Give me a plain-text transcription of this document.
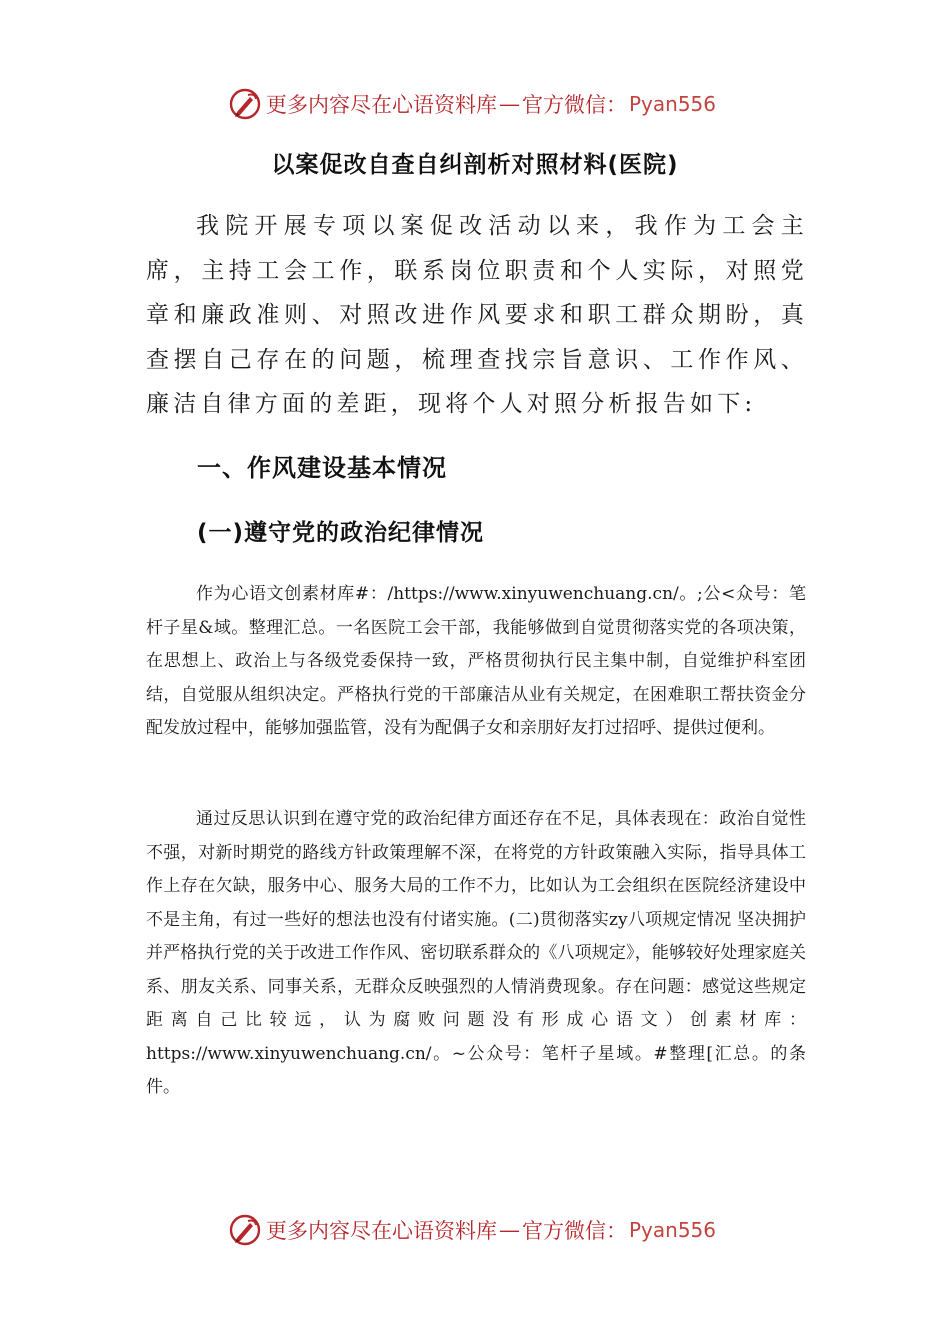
更多内容尽在心语资料库 — 官方微信： Pyan556
以案促改自查自纠剖析对照材料(医院)

我院开展专项以案促改活动以来，我作为工会主席，主持工会工作，联系岗位职责和个人实际，对照党章和廉政准则、对照改进作风要求和职工群众期盼，真查摆自己存在的问题，梳理查找宗旨意识、工作作风、廉洁自律方面的差距，现将个人对照分析报告如下:

一、作风建设基本情况
(一)遵守党的政治纪律情况

作为心语文创素材库#：/https://www.xinyuwenchuang.cn/。;公<众号：笔杆子星&域。整理汇总。一名医院工会干部，我能够做到自觉贯彻落实党的各项决策，在思想上、政治上与各级党委保持一致，严格贯彻执行民主集中制，自觉维护科室团结，自觉服从组织决定。严格执行党的干部廉洁从业有关规定，在困难职工帮扶资金分配发放过程中，能够加强监管，没有为配偶子女和亲朋好友打过招呼、提供过便利。

通过反思认识到在遵守党的政治纪律方面还存在不足，具体表现在：政治自觉性不强，对新时期党的路线方针政策理解不深，在将党的方针政策融入实际，指导具体工作上存在欠缺，服务中心、服务大局的工作不力，比如认为工会组织在医院经济建设中不是主角，有过一些好的想法也没有付诸实施。(二)贯彻落实zy八项规定情况 坚决拥护并严格执行党的关于改进工作作风、密切联系群众的《八项规定》，能够较好处理家庭关系、朋友关系、同事关系，无群众反映强烈的人情消费现象。存在问题：感觉这些规定距离自己比较远，认为腐败问题没有形成心语文）创素材库：https://www.xinyuwenchuang.cn/。~公众号：笔杆子星域。#整理[汇总。的条件。

更多内容尽在心语资料库 — 官方微信： Pyan556
